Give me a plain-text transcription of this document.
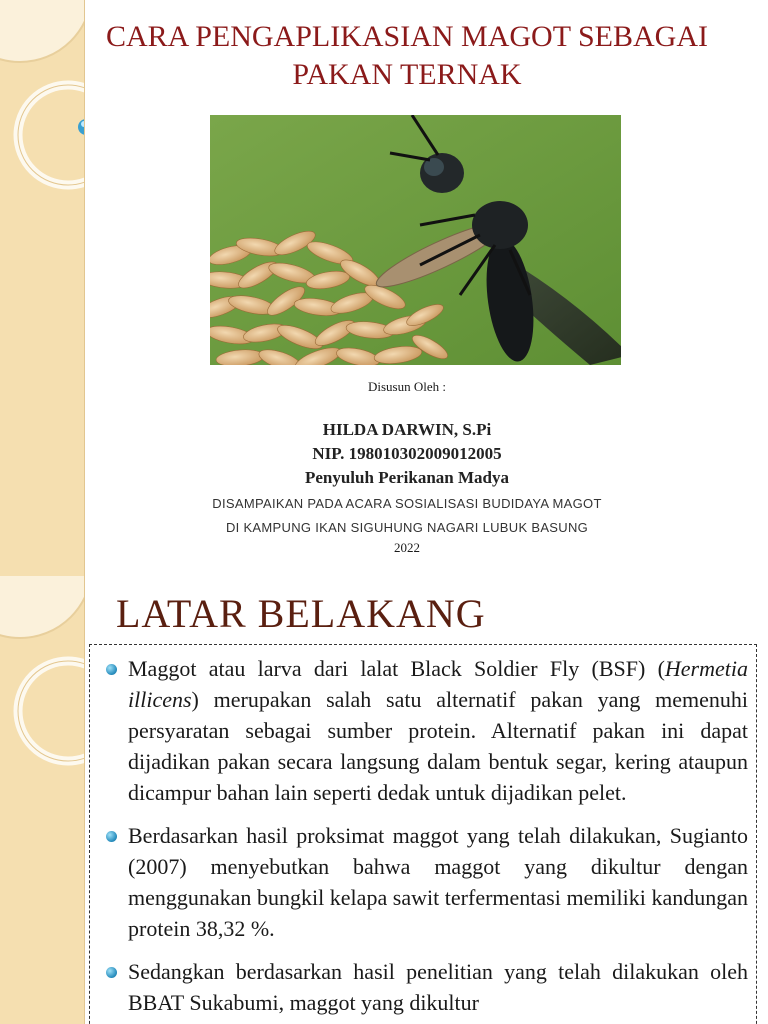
CARA PENGAPLIKASIAN MAGOT SEBAGAI PAKAN TERNAK
Disusun Oleh :
HILDA DARWIN, S.Pi
NIP. 198010302009012005
Penyuluh Perikanan Madya
DISAMPAIKAN PADA ACARA SOSIALISASI BUDIDAYA MAGOT
DI KAMPUNG IKAN SIGUHUNG NAGARI LUBUK BASUNG
2022
LATAR BELAKANG
Maggot atau larva dari lalat Black Soldier Fly (BSF) (Hermetia illicens) merupakan salah satu alternatif pakan yang memenuhi persyaratan sebagai sumber protein. Alternatif pakan ini dapat dijadikan pakan secara langsung dalam bentuk segar, kering ataupun dicampur bahan lain seperti dedak untuk dijadikan pelet.
Berdasarkan hasil proksimat maggot yang telah dilakukan, Sugianto (2007) menyebutkan bahwa maggot yang dikultur dengan menggunakan bungkil kelapa sawit terfermentasi memiliki kandungan protein 38,32 %.
Sedangkan berdasarkan hasil penelitian yang telah dilakukan oleh BBAT Sukabumi, maggot yang dikultur
